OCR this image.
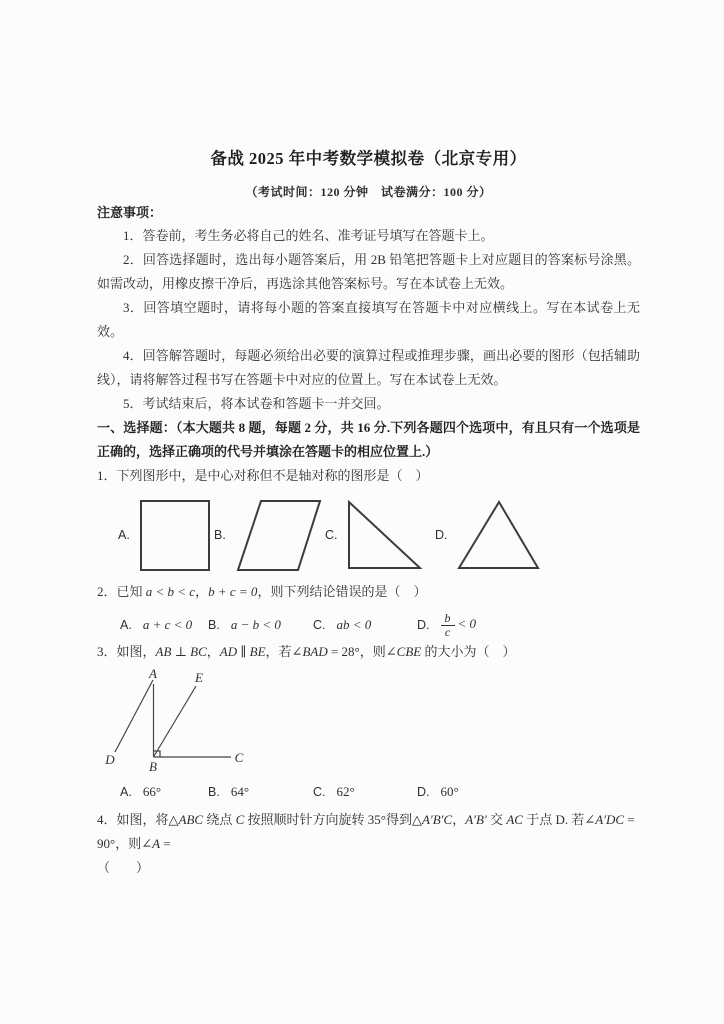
备战 2025 年中考数学模拟卷（北京专用）
（考试时间：120 分钟　试卷满分：100 分）
注意事项：

1．答卷前，考生务必将自己的姓名、准考证号填写在答题卡上。

2．回答选择题时，选出每小题答案后，用 2B 铅笔把答题卡上对应题目的答案标号涂黑。如需改动，用橡皮擦干净后，再选涂其他答案标号。写在本试卷上无效。

3．回答填空题时，请将每小题的答案直接填写在答题卡中对应横线上。写在本试卷上无效。

4．回答解答题时，每题必须给出必要的演算过程或推理步骤，画出必要的图形（包括辅助线），请将解答过程书写在答题卡中对应的位置上。写在本试卷上无效。

5．考试结束后，将本试卷和答题卡一并交回。

一、选择题：（本大题共 8 题，每题 2 分，共 16 分.下列各题四个选项中，有且只有一个选项是正确的，选择正确项的代号并填涂在答题卡的相应位置上.）

1．下列图形中，是中心对称但不是轴对称的图形是（　）

A.	B.	C.	D.

2．已知 a < b < c，b + c = 0，则下列结论错误的是（　）

A. a + c < 0 B. a − b < 0	C. ab < 0	D. $\frac{b}{c} < 0$

3．如图，AB ⊥ BC，AD ∥ BE，若∠BAD = 28°，则∠CBE 的大小为（　）

A	E
D	B
C
A. 66°	B. 64°	C. 62°	D. 60°

4．如图，将△ABC 绕点 C 按照顺时针方向旋转 35°得到△A′B′C，A′B′ 交 AC 于点 D. 若∠A′DC = 90°，则∠A =

（　　）
